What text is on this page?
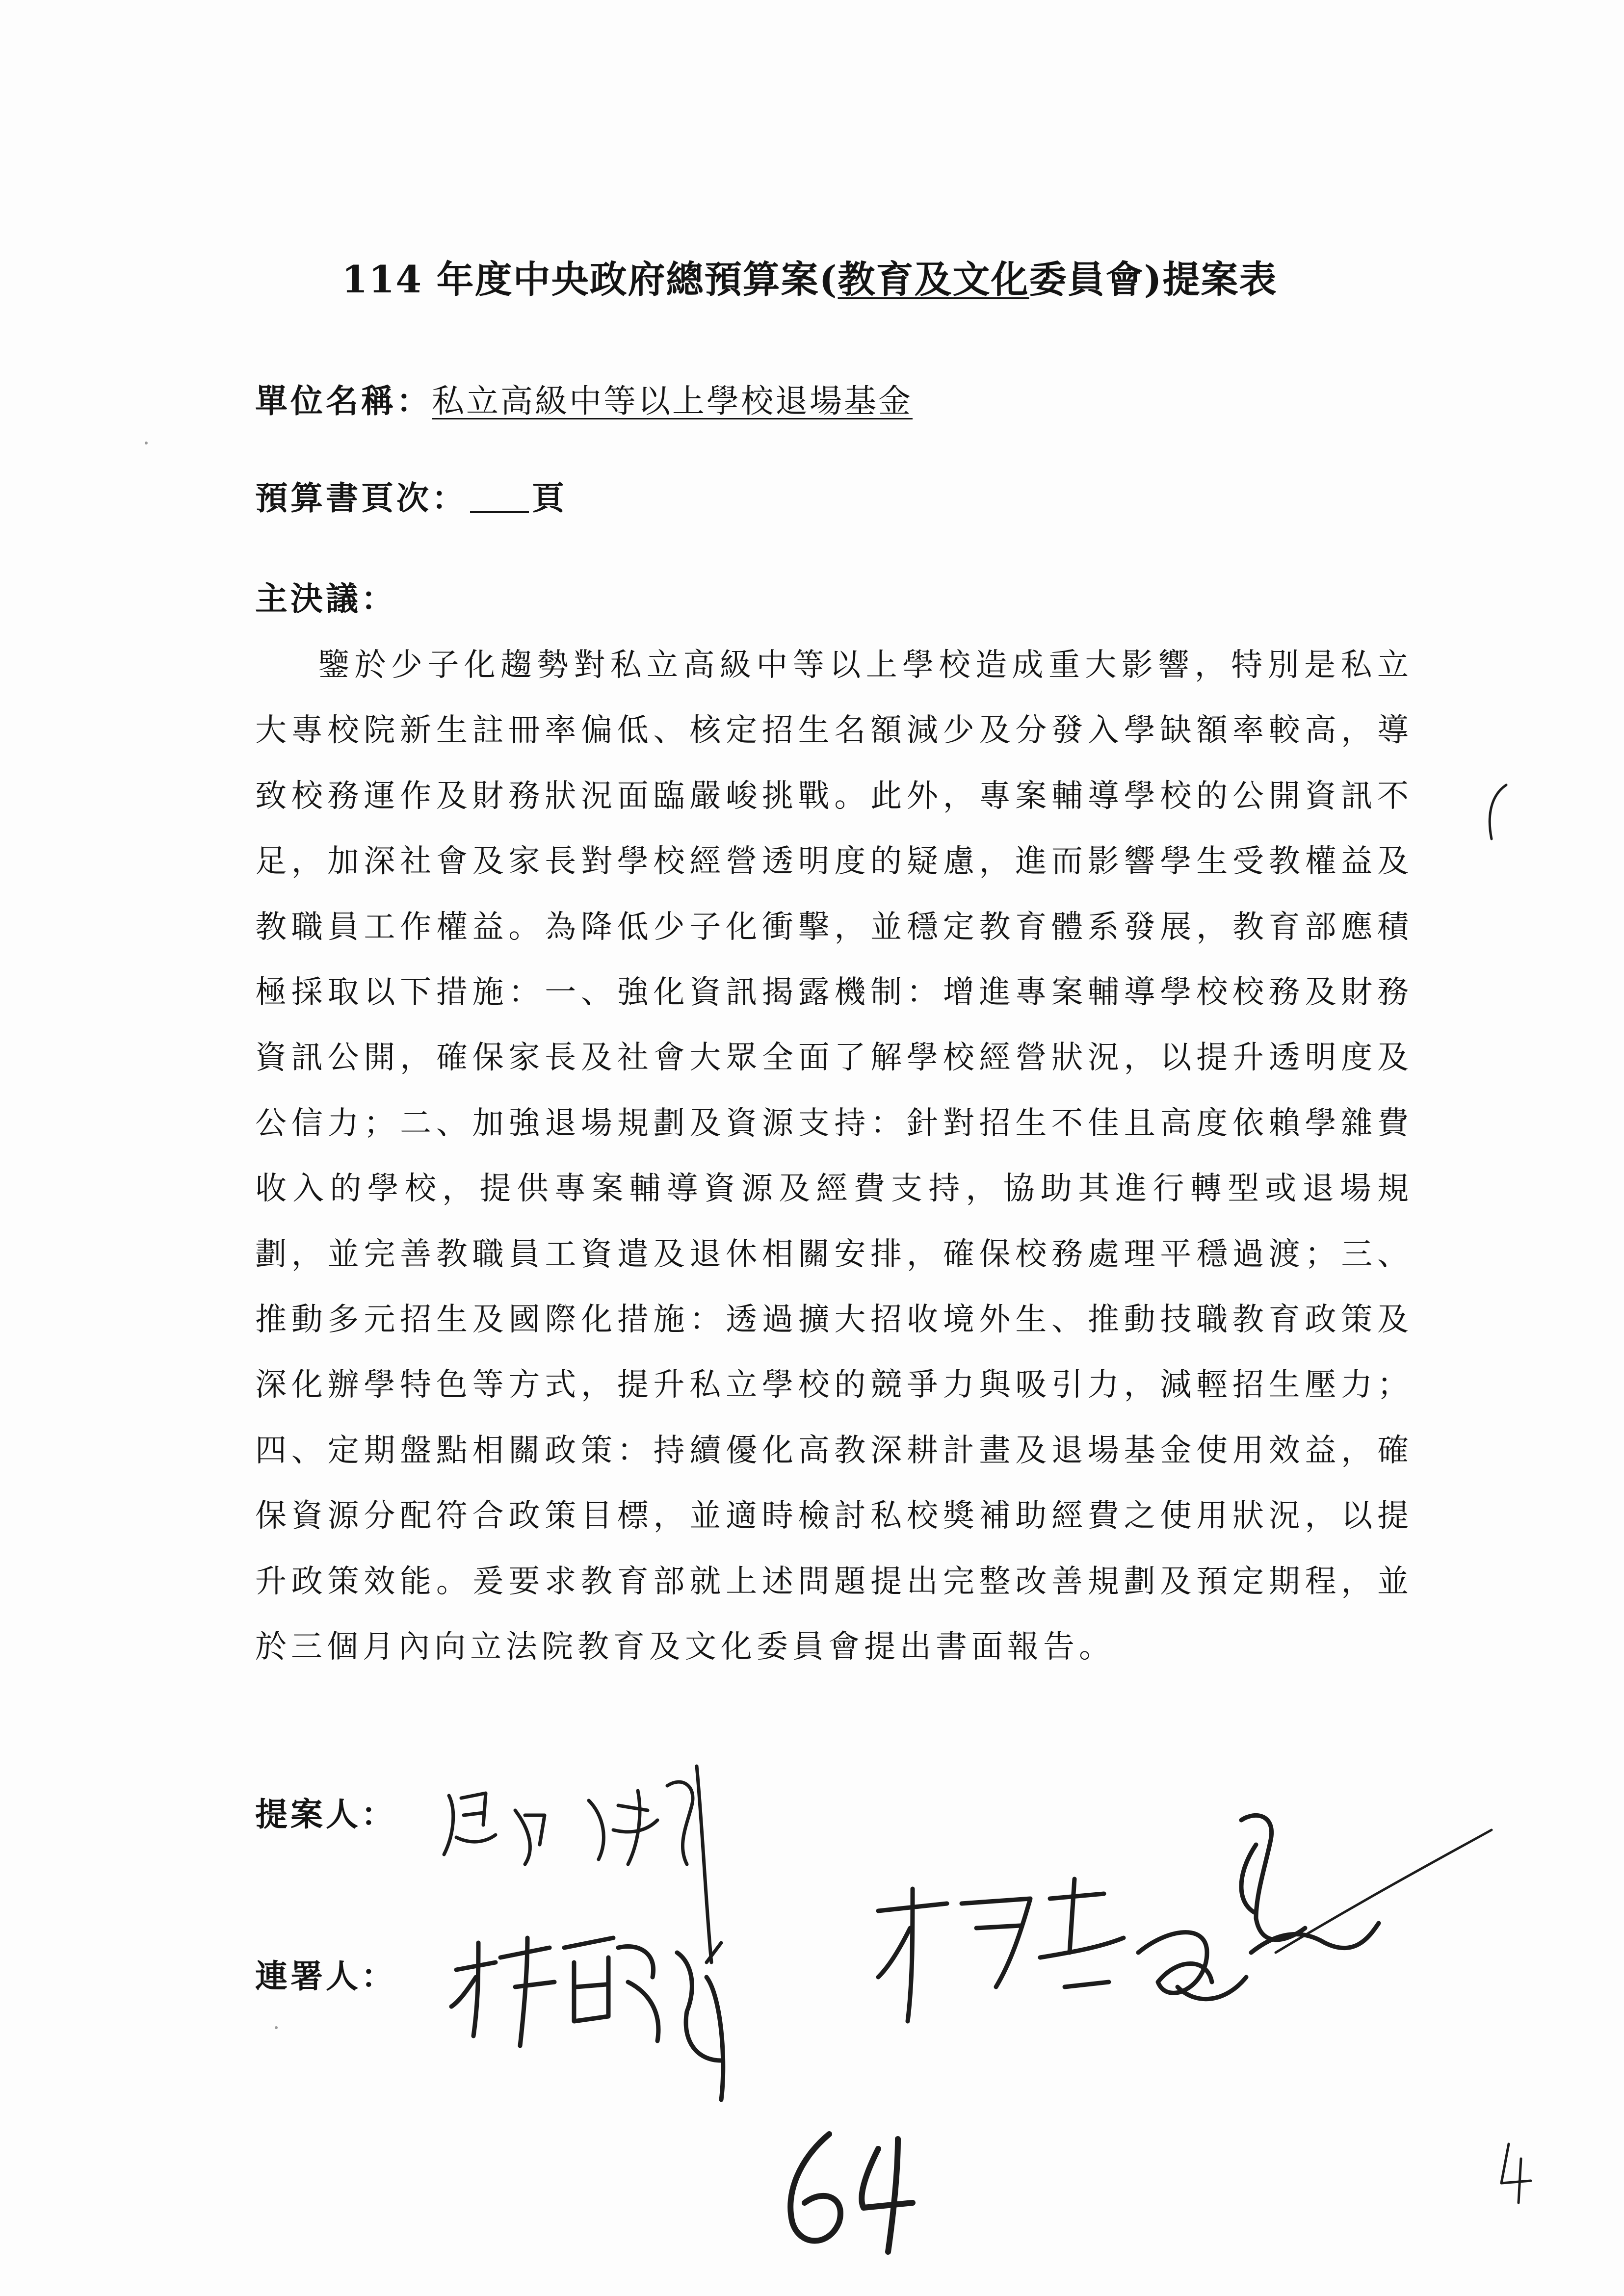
114 年度中央政府總預算案(教育及文化委員會)提案表
單位名稱：私立高級中等以上學校退場基金
預算書頁次： 頁
主決議：
鑒於少子化趨勢對私立高級中等以上學校造成重大影響，特別是私立大專校院新生註冊率偏低、核定招生名額減少及分發入學缺額率較高，導致校務運作及財務狀況面臨嚴峻挑戰。此外，專案輔導學校的公開資訊不足，加深社會及家長對學校經營透明度的疑慮，進而影響學生受教權益及教職員工作權益。為降低少子化衝擊，並穩定教育體系發展，教育部應積極採取以下措施：一、強化資訊揭露機制：增進專案輔導學校校務及財務資訊公開，確保家長及社會大眾全面了解學校經營狀況，以提升透明度及公信力；二、加強退場規劃及資源支持：針對招生不佳且高度依賴學雜費收入的學校，提供專案輔導資源及經費支持，協助其進行轉型或退場規劃，並完善教職員工資遣及退休相關安排，確保校務處理平穩過渡；三、推動多元招生及國際化措施：透過擴大招收境外生、推動技職教育政策及深化辦學特色等方式，提升私立學校的競爭力與吸引力，減輕招生壓力；四、定期盤點相關政策：持續優化高教深耕計畫及退場基金使用效益，確保資源分配符合政策目標，並適時檢討私校獎補助經費之使用狀況，以提升政策效能。爰要求教育部就上述問題提出完整改善規劃及預定期程，並於三個月內向立法院教育及文化委員會提出書面報告。
提案人：
連署人：
